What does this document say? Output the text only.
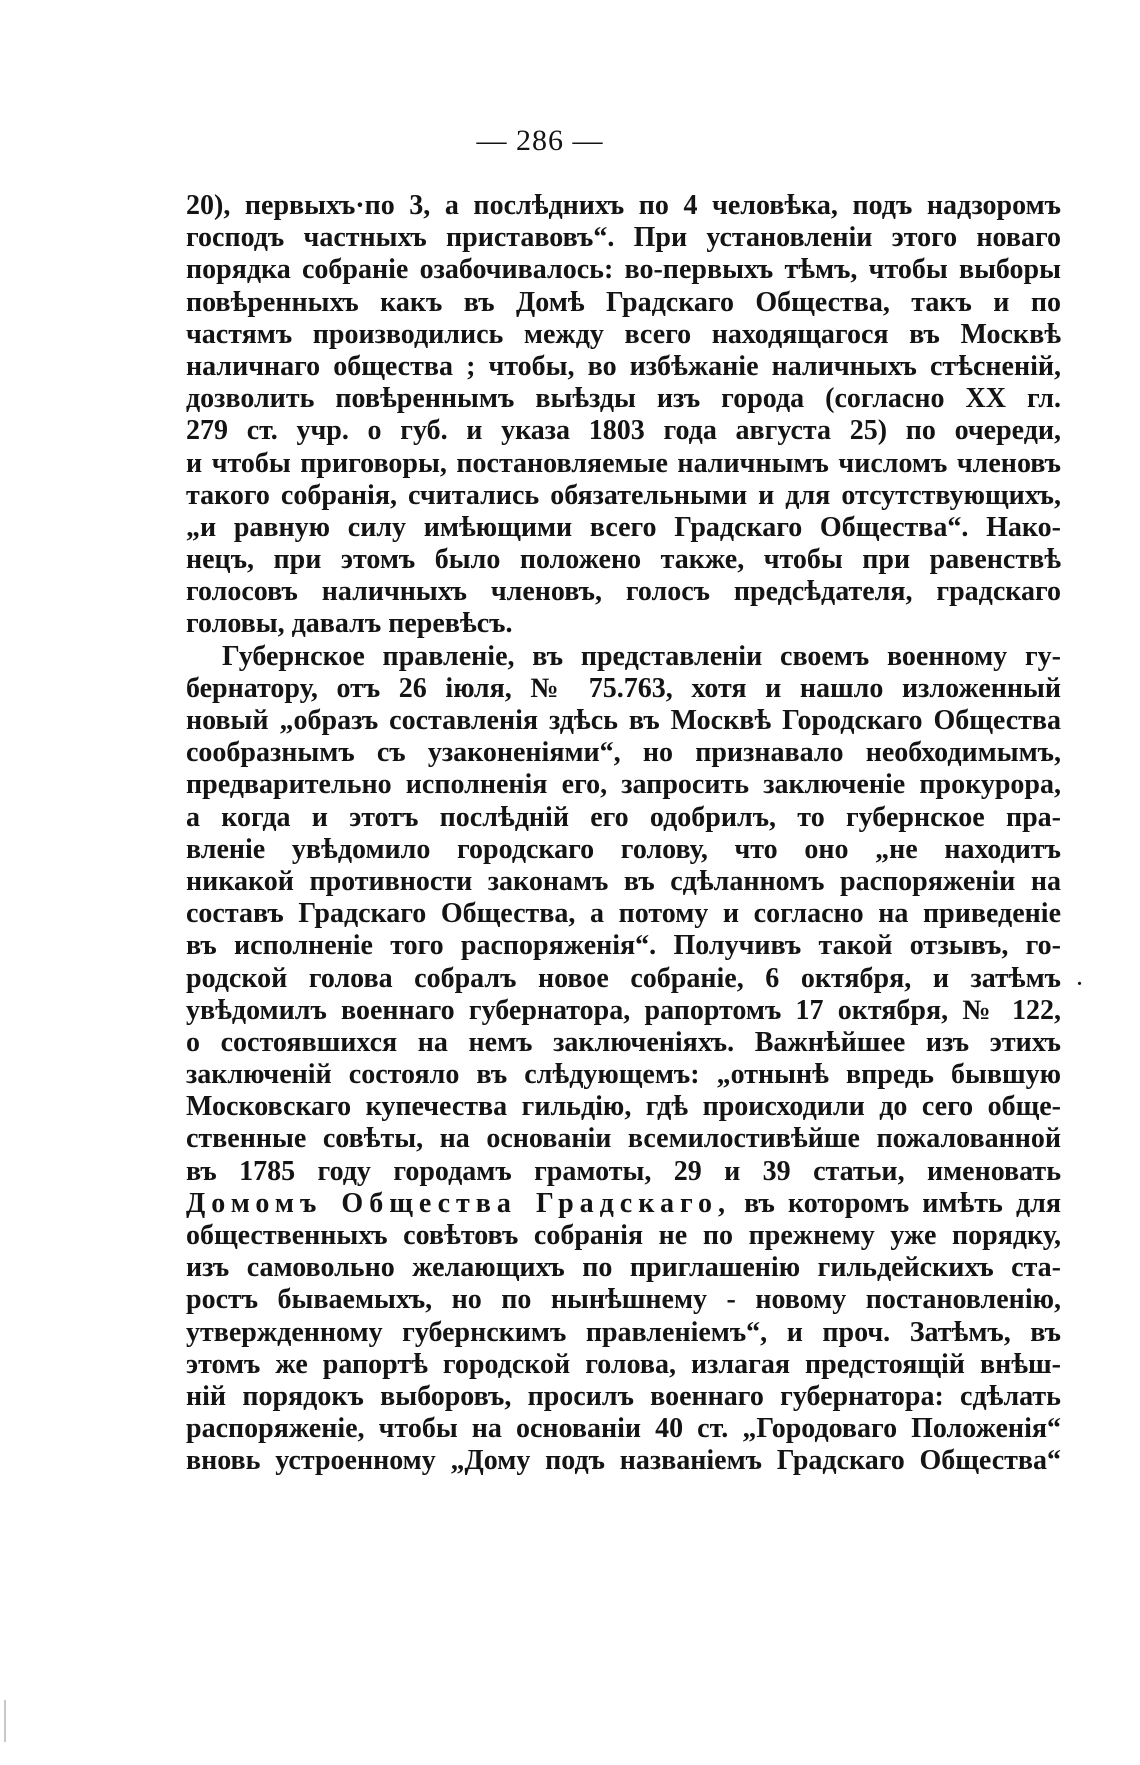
— 286 —
20), первыхъ·по 3, а послѣднихъ по 4 человѣка, подъ надзоромъ
господъ частныхъ приставовъ“. При установленіи этого новаго
порядка собраніе озабочивалось: во-первыхъ тѣмъ, чтобы выборы
повѣренныхъ какъ въ Домѣ Градскаго Общества, такъ и по
частямъ производились между всего находящагося въ Москвѣ
наличнаго общества ; чтобы, во избѣжаніе наличныхъ стѣсненій,
дозволить повѣреннымъ выѣзды изъ города (согласно XX гл.
279 ст. учр. о губ. и указа 1803 года августа 25) по очереди,
и чтобы приговоры, постановляемые наличнымъ числомъ членовъ
такого собранія, считались обязательными и для отсутствующихъ,
„и равную силу имѣющими всего Градскаго Общества“. Нако-
нецъ, при этомъ было положено также, чтобы при равенствѣ
голосовъ наличныхъ членовъ, голосъ предсѣдателя, градскаго
головы, давалъ перевѣсъ.
Губернское правленіе, въ представленіи своемъ военному гу-
бернатору, отъ 26 іюля, № 75.763, хотя и нашло изложенный
новый „образъ составленія здѣсь въ Москвѣ Городскаго Общества
сообразнымъ съ узаконеніями“, но признавало необходимымъ,
предварительно исполненія его, запросить заключеніе прокурора,
а когда и этотъ послѣдній его одобрилъ, то губернское пра-
вленіе увѣдомило городскаго голову, что оно „не находитъ
никакой противности законамъ въ сдѣланномъ распоряженіи на
составъ Градскаго Общества, а потому и согласно на приведеніе
въ исполненіе того распоряженія“. Получивъ такой отзывъ, го-
родской голова собралъ новое собраніе, 6 октября, и затѣмъ
увѣдомилъ военнаго губернатора, рапортомъ 17 октября, № 122,
о состоявшихся на немъ заключеніяхъ. Важнѣйшее изъ этихъ
заключеній состояло въ слѣдующемъ: „отнынѣ впредь бывшую
Московскаго купечества гильдію, гдѣ происходили до сего обще-
ственные совѣты, на основаніи всемилостивѣйше пожалованной
въ 1785 году городамъ грамоты, 29 и 39 статьи, именовать
Домомъ Общества Градскаго, въ которомъ имѣть для
общественныхъ совѣтовъ собранія не по прежнему уже порядку,
изъ самовольно желающихъ по приглашенію гильдейскихъ ста-
ростъ бываемыхъ, но по нынѣшнему - новому постановленію,
утвержденному губернскимъ правленіемъ“, и проч. Затѣмъ, въ
этомъ же рапортѣ городской голова, излагая предстоящій внѣш-
ній порядокъ выборовъ, просилъ военнаго губернатора: сдѣлать
распоряженіе, чтобы на основаніи 40 ст. „Городоваго Положенія“
вновь устроенному „Дому подъ названіемъ Градскаго Общества“
.
